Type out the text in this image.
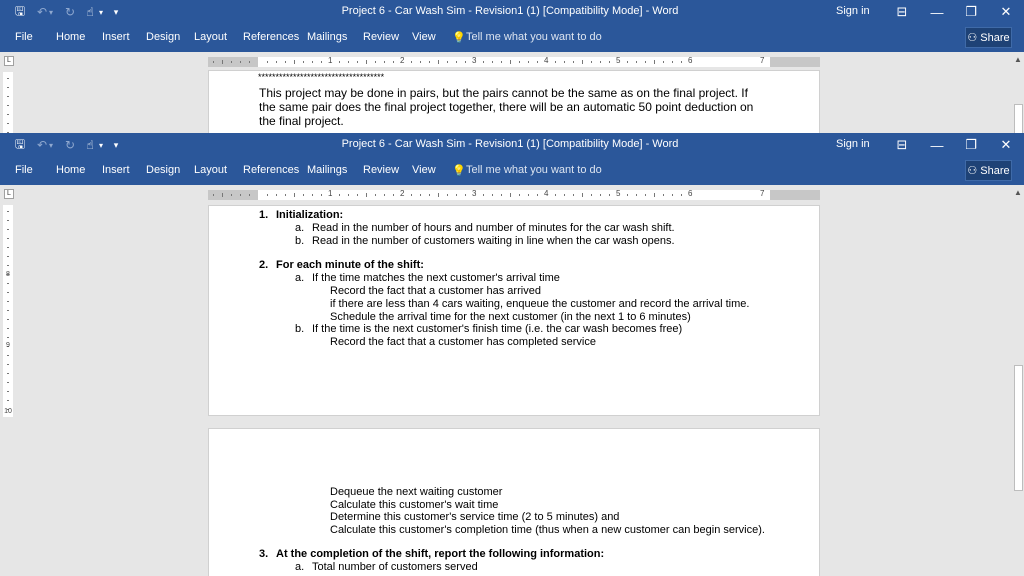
🖫 ↶ ▾ ↻ ☝ ▾	▾	Project 6 - Car Wash Sim - Revision1 (1) [Compatibility Mode] - Word	Sign in	⊟	—	❐	✕
File Home Insert Design Layout References Mailings Review View 💡 Tell me what you want to do	⚇ Share
L	1	2	3	4	5	6	7	▲
************************************
This project may be done in pairs, but the pairs cannot be the same as on the final project. If
the same pair does the final project together, there will be an automatic 50 point deduction on
the final project.
🖫 ↶ ▾ ↻ ☝ ▾	▾	Project 6 - Car Wash Sim - Revision1 (1) [Compatibility Mode] - Word	Sign in	⊟	—	❐	✕
File Home Insert Design Layout References Mailings Review View 💡 Tell me what you want to do	⚇ Share
L	1	2	3	4	5	6	7
8
9
10
▲
1. Initialization:
a. Read in the number of hours and number of minutes for the car wash shift.
b. Read in the number of customers waiting in line when the car wash opens.
2. For each minute of the shift:
a. If the time matches the next customer's arrival time
Record the fact that a customer has arrived
if there are less than 4 cars waiting, enqueue the customer and record the arrival time.
Schedule the arrival time for the next customer (in the next 1 to 6 minutes)
b. If the time is the next customer's finish time (i.e. the car wash becomes free)
Record the fact that a customer has completed service
Dequeue the next waiting customer
Calculate this customer's wait time
Determine this customer's service time (2 to 5 minutes) and
Calculate this customer's completion time (thus when a new customer can begin service).
3. At the completion of the shift, report the following information:
a. Total number of customers served
